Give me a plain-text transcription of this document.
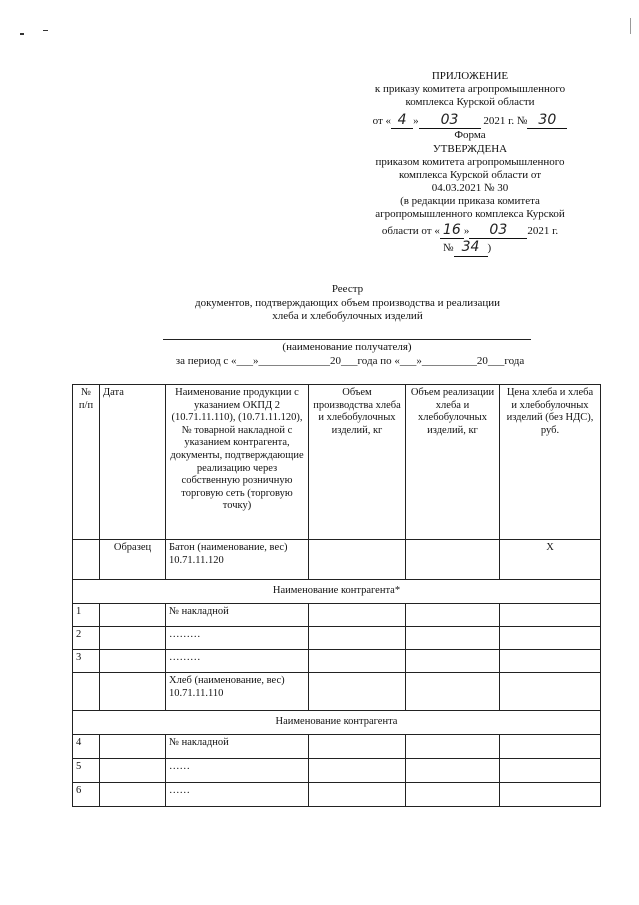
ПРИЛОЖЕНИЕ
к приказу комитета агропромышленного
комплекса Курской области
от « 4 » 03 2021 г. № 30
Форма
УТВЕРЖДЕНА
приказом комитета агропромышленного
комплекса Курской области от
04.03.2021 № 30
(в редакции приказа комитета
агропромышленного комплекса Курской
области от « 16 » 03 2021 г.
№ 34 )
Реестр
документов, подтверждающих объем производства и реализации
хлеба и хлебобулочных изделий
(наименование получателя)
за период с «___»_____________20___года по «___»__________20___года
№ п/п	Дата	Наименование продукции с указанием ОКПД 2 (10.71.11.110), (10.71.11.120), № товарной накладной с указанием контрагента, документы, подтверждающие реализацию через собственную розничную торговую сеть (торговую точку)	Объем производства хлеба и хлебобулочных изделий, кг	Объем реализации хлеба и хлебобулочных изделий, кг	Цена хлеба и хлеба и хлебобулочных изделий (без НДС), руб.
	Образец	Батон (наименование, вес) 10.71.11.120			Х
Наименование контрагента*					
1		№ накладной			
2		………			
3		………			
		Хлеб (наименование, вес) 10.71.11.110			
Наименование контрагента					
4		№ накладной			
5		……			
6		……			
